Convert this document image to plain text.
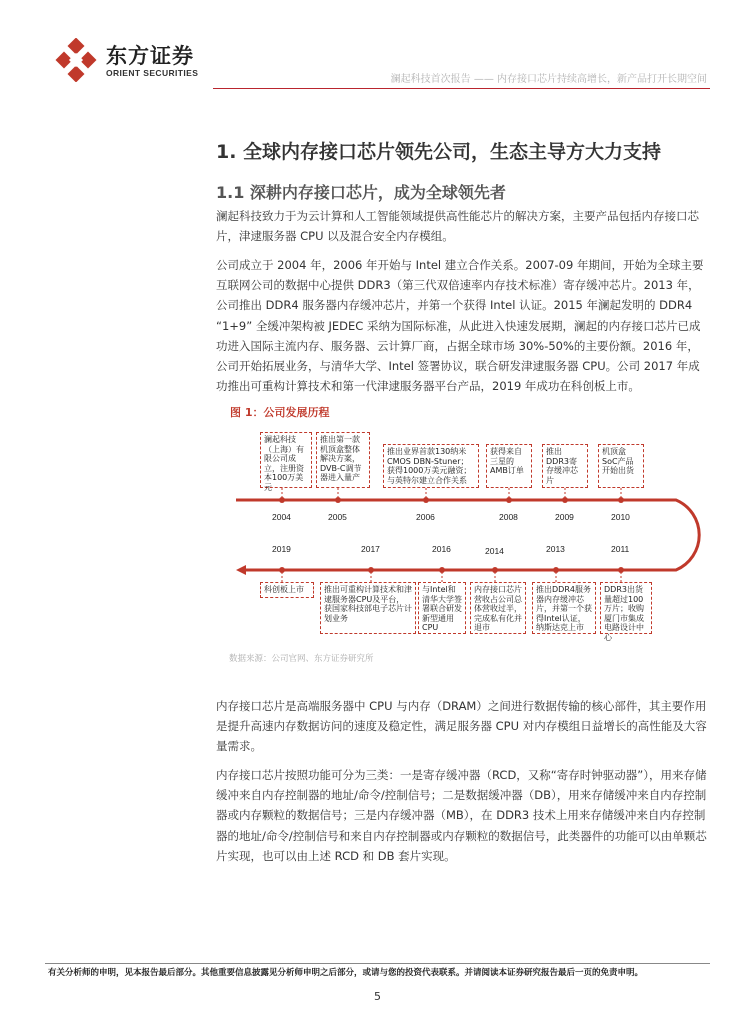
东方证券
ORIENT SECURITIES
澜起科技首次报告 —— 内存接口芯片持续高增长，新产品打开长期空间
1. 全球内存接口芯片领先公司，生态主导方大力支持
1.1 深耕内存接口芯片，成为全球领先者

澜起科技致力于为云计算和人工智能领域提供高性能芯片的解决方案，主要产品包括内存接口芯片，津逮服务器 CPU 以及混合安全内存模组。

公司成立于 2004 年，2006 年开始与 Intel 建立合作关系。2007-09 年期间，开始为全球主要互联网公司的数据中心提供 DDR3（第三代双倍速率内存技术标准）寄存缓冲芯片。2013 年，公司推出 DDR4 服务器内存缓冲芯片，并第一个获得 Intel 认证。2015 年澜起发明的 DDR4 “1+9” 全缓冲架构被 JEDEC 采纳为国际标准，从此进入快速发展期，澜起的内存接口芯片已成功进入国际主流内存、服务器、云计算厂商，占据全球市场 30%-50%的主要份额。2016 年，公司开始拓展业务，与清华大学、Intel 签署协议，联合研发津逮服务器 CPU。公司 2017 年成功推出可重构计算技术和第一代津逮服务器平台产品，2019 年成功在科创板上市。

图 1：公司发展历程
澜起科技（上海）有限公司成立，注册资本100万美元
推出第一款机顶盒整体解决方案，DVB-C调节器进入量产
推出业界首款130纳米CMOS DBN-Stuner；获得1000万美元融资；与英特尔建立合作关系
获得来自三星的AMB订单
推出DDR3寄存缓冲芯片
机顶盒SoC产品开始出货
2004	2005	2006	2008	2009	2010
2019	2017	2016	2014	2013	2011
科创板上市	推出可重构计算技术和津逮服务器CPU及平台，获国家科技部电子芯片计划业务
与Intel和清华大学签署联合研发新型通用CPU
内存接口芯片营收占公司总体营收过半，完成私有化并退市
推出DDR4服务器内存缓冲芯片，并第一个获得Intel认证，纳斯达克上市
DDR3出货量超过100万片；收购厦门市集成电路设计中心
数据来源：公司官网、东方证券研究所

内存接口芯片是高端服务器中 CPU 与内存（DRAM）之间进行数据传输的核心部件，其主要作用是提升高速内存数据访问的速度及稳定性，满足服务器 CPU 对内存模组日益增长的高性能及大容量需求。

内存接口芯片按照功能可分为三类：一是寄存缓冲器（RCD，又称“寄存时钟驱动器”），用来存储缓冲来自内存控制器的地址/命令/控制信号；二是数据缓冲器（DB），用来存储缓冲来自内存控制器或内存颗粒的数据信号；三是内存缓冲器（MB），在 DDR3 技术上用来存储缓冲来自内存控制器的地址/命令/控制信号和来自内存控制器或内存颗粒的数据信号，此类器件的功能可以由单颗芯片实现，也可以由上述 RCD 和 DB 套片实现。

有关分析师的申明，见本报告最后部分。其他重要信息披露见分析师申明之后部分，或请与您的投资代表联系。并请阅读本证券研究报告最后一页的免责申明。
5
